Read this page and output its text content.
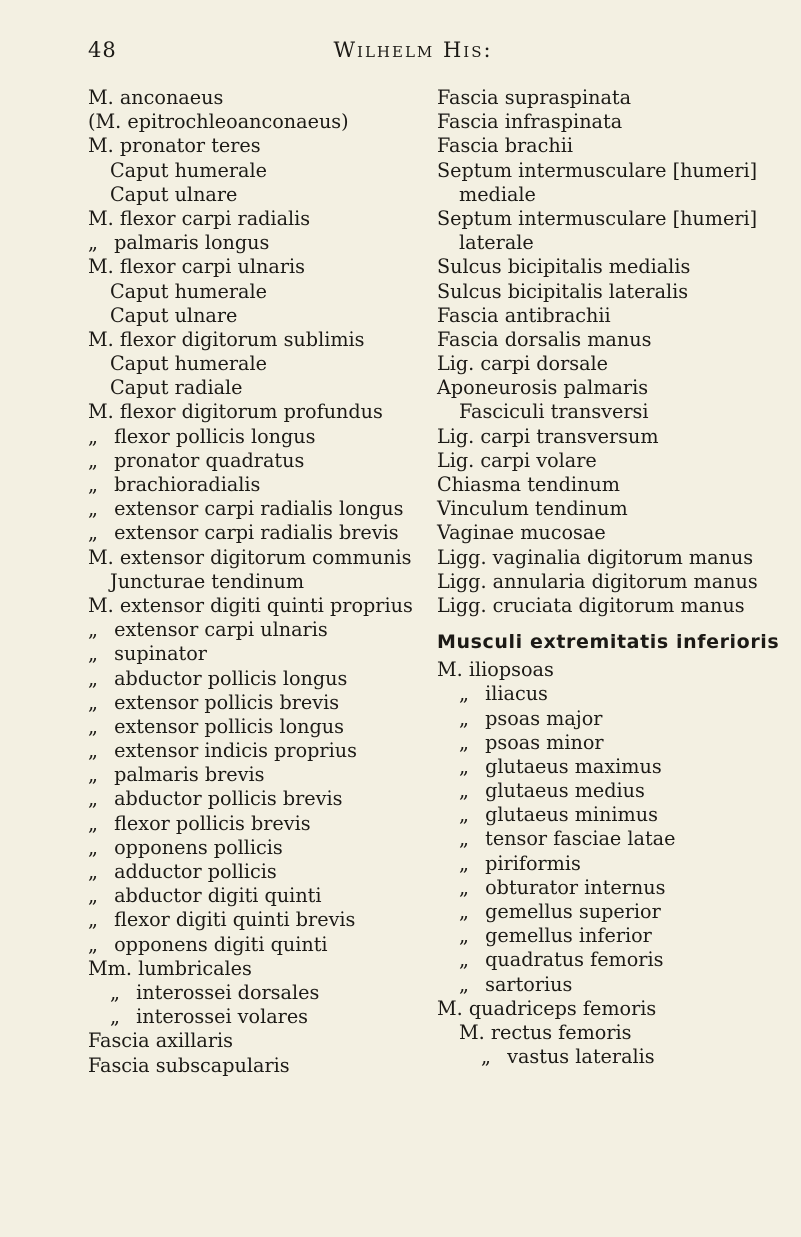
48	Wilhelm His:
M.
anconaeus
(M.
epitrochleoanconaeus)
M.
pronator teres
Caput humerale
Caput ulnare
M.
flexor carpi radialis
„
palmaris longus
M.
flexor carpi ulnaris
Caput humerale
Caput ulnare
M.
flexor digitorum sublimis
Caput humerale
Caput radiale
M.
flexor digitorum profundus
„
flexor pollicis longus
„
pronator quadratus
„
brachioradialis
„
extensor carpi radialis longus
„
extensor carpi radialis brevis
M.
extensor digitorum communis
Juncturae tendinum
M.
extensor digiti quinti proprius
„
extensor carpi ulnaris
„
supinator
„
abductor pollicis longus
„
extensor pollicis brevis
„
extensor pollicis longus
„
extensor indicis proprius
„
palmaris brevis
„
abductor pollicis brevis
„
flexor pollicis brevis
„
opponens pollicis
„
adductor pollicis
„
abductor digiti quinti
„
flexor digiti quinti brevis
„
opponens digiti quinti
Mm.
lumbricales
„
interossei dorsales
„
interossei volares
Fascia axillaris
Fascia subscapularis
Fascia supraspinata
Fascia infraspinata
Fascia brachii
Septum intermusculare [humeri]
mediale
Septum intermusculare [humeri]
laterale
Sulcus bicipitalis medialis
Sulcus bicipitalis lateralis
Fascia antibrachii
Fascia dorsalis manus
Lig. carpi dorsale
Aponeurosis palmaris
Fasciculi transversi
Lig. carpi transversum
Lig. carpi volare
Chiasma tendinum
Vinculum tendinum
Vaginae mucosae
Ligg. vaginalia digitorum manus
Ligg. annularia digitorum manus
Ligg. cruciata digitorum manus
Musculi extremitatis inferioris
M.
iliopsoas
„
iliacus
„
psoas major
„
psoas minor
„
glutaeus maximus
„
glutaeus medius
„
glutaeus minimus
„
tensor fasciae latae
„
piriformis
„
obturator internus
„
gemellus superior
„
gemellus inferior
„
quadratus femoris
„
sartorius
M.
quadriceps femoris
M.
rectus femoris
„
vastus lateralis
